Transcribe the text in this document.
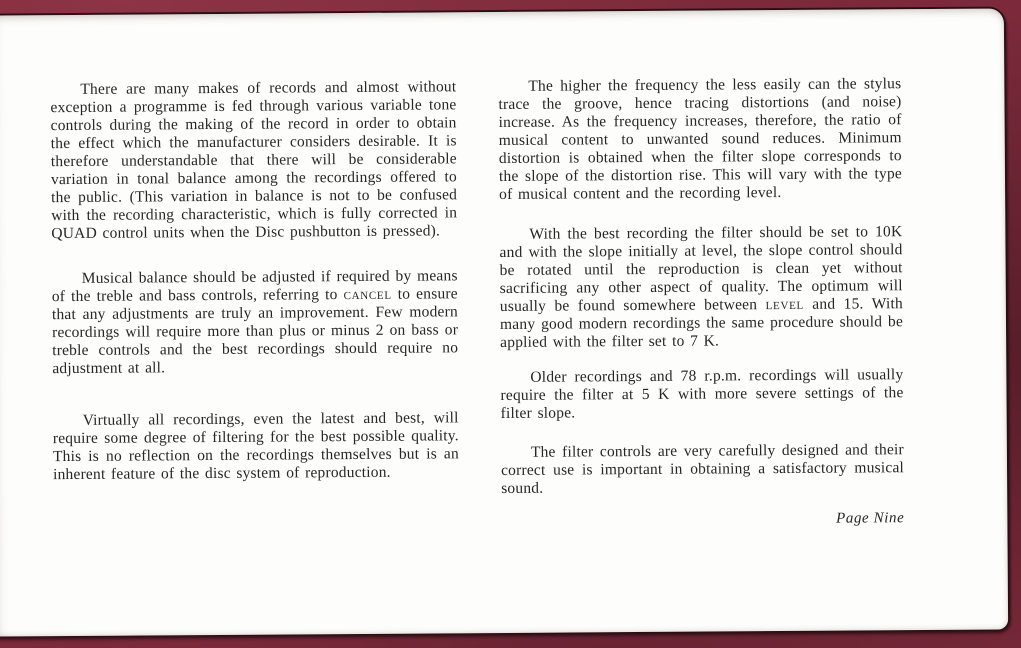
There are many makes of records and almost without exception a programme is fed through various variable tone controls during the making of the record in order to obtain the effect which the manufacturer considers desirable. It is therefore understandable that there will be considerable variation in tonal balance among the recordings offered to the public. (This variation in balance is not to be confused with the recording characteristic, which is fully corrected in QUAD control units when the Disc pushbutton is pressed).

Musical balance should be adjusted if required by means of the treble and bass controls, referring to cancel to ensure that any adjustments are truly an improvement. Few modern recordings will require more than plus or minus 2 on bass or treble controls and the best recordings should require no adjustment at all.

Virtually all recordings, even the latest and best, will require some degree of filtering for the best possible quality. This is no reflection on the recordings themselves but is an inherent feature of the disc system of reproduction.

The higher the frequency the less easily can the stylus trace the groove, hence tracing distortions (and noise) increase. As the frequency increases, therefore, the ratio of musical content to unwanted sound reduces. Minimum distortion is obtained when the filter slope corresponds to the slope of the distortion rise. This will vary with the type of musical content and the recording level.

With the best recording the filter should be set to 10K and with the slope initially at level, the slope control should be rotated until the reproduction is clean yet without sacrificing any other aspect of quality. The optimum will usually be found somewhere between level and 15. With many good modern recordings the same procedure should be applied with the filter set to 7 K.

Older recordings and 78 r.p.m. recordings will usually require the filter at 5 K with more severe settings of the filter slope.

The filter controls are very carefully designed and their correct use is important in obtaining a satisfactory musical sound.

Page Nine
